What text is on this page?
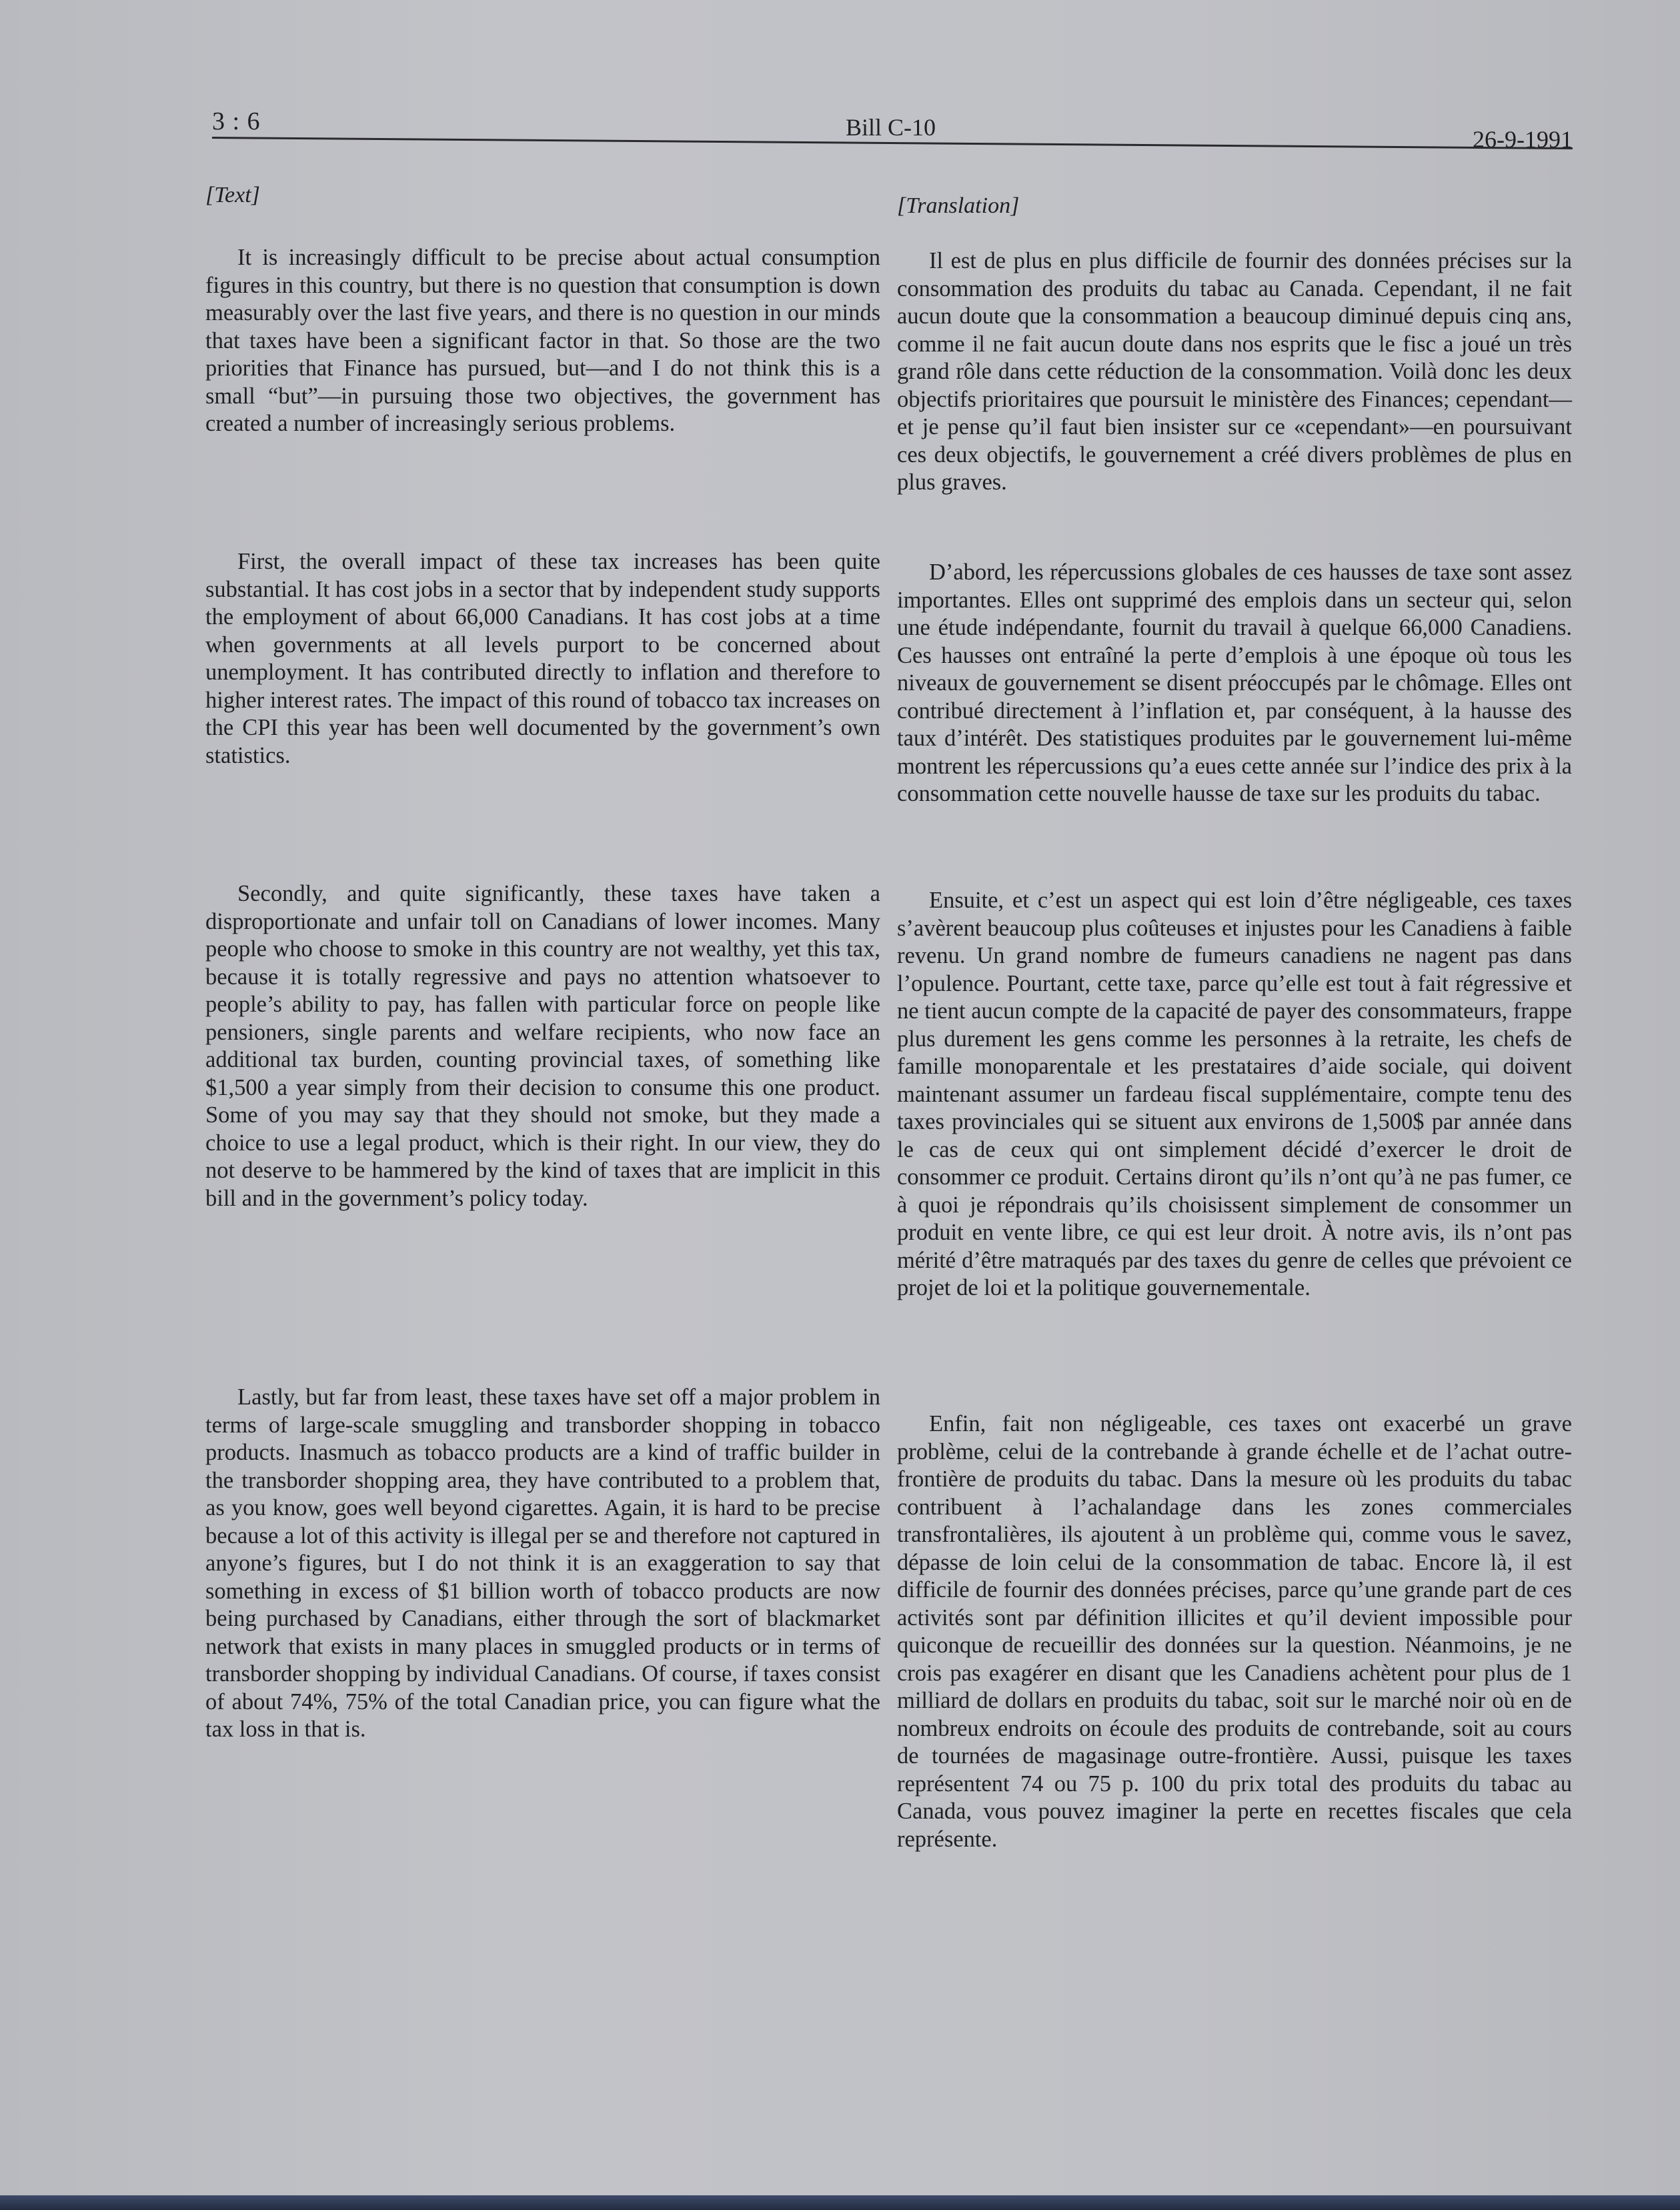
3 : 6	Bill C-10	26-9-1991
[Text]

It is increasingly difficult to be precise about actual consumption figures in this country, but there is no question that consumption is down measurably over the last five years, and there is no question in our minds that taxes have been a significant factor in that. So those are the two priorities that Finance has pursued, but—and I do not think this is a small “but”—in pursuing those two objectives, the government has created a number of increasingly serious problems.

First, the overall impact of these tax increases has been quite substantial. It has cost jobs in a sector that by independent study supports the employment of about 66,000 Canadians. It has cost jobs at a time when governments at all levels purport to be concerned about unemployment. It has contributed directly to inflation and therefore to higher interest rates. The impact of this round of tobacco tax increases on the CPI this year has been well documented by the government’s own statistics.

Secondly, and quite significantly, these taxes have taken a disproportionate and unfair toll on Canadians of lower incomes. Many people who choose to smoke in this country are not wealthy, yet this tax, because it is totally regressive and pays no attention whatsoever to people’s ability to pay, has fallen with particular force on people like pensioners, single parents and welfare recipients, who now face an additional tax burden, counting provincial taxes, of something like $1,500 a year simply from their decision to consume this one product. Some of you may say that they should not smoke, but they made a choice to use a legal product, which is their right. In our view, they do not deserve to be hammered by the kind of taxes that are implicit in this bill and in the government’s policy today.

Lastly, but far from least, these taxes have set off a major problem in terms of large-scale smuggling and transborder shopping in tobacco products. Inasmuch as tobacco products are a kind of traffic builder in the transborder shopping area, they have contributed to a problem that, as you know, goes well beyond cigarettes. Again, it is hard to be precise because a lot of this activity is illegal per se and therefore not captured in anyone’s figures, but I do not think it is an exaggeration to say that something in excess of $1 billion worth of tobacco products are now being purchased by Canadians, either through the sort of blackmarket network that exists in many places in smuggled products or in terms of transborder shopping by individual Canadians. Of course, if taxes consist of about 74%, 75% of the total Canadian price, you can figure what the tax loss in that is.

[Translation]

Il est de plus en plus difficile de fournir des données précises sur la consommation des produits du tabac au Canada. Cependant, il ne fait aucun doute que la consommation a beaucoup diminué depuis cinq ans, comme il ne fait aucun doute dans nos esprits que le fisc a joué un très grand rôle dans cette réduction de la consommation. Voilà donc les deux objectifs prioritaires que poursuit le ministère des Finances; cependant—et je pense qu’il faut bien insister sur ce «cependant»—en poursuivant ces deux objectifs, le gouvernement a créé divers problèmes de plus en plus graves.

D’abord, les répercussions globales de ces hausses de taxe sont assez importantes. Elles ont supprimé des emplois dans un secteur qui, selon une étude indépendante, fournit du travail à quelque 66,000 Canadiens. Ces hausses ont entraîné la perte d’emplois à une époque où tous les niveaux de gouvernement se disent préoccupés par le chômage. Elles ont contribué directement à l’inflation et, par conséquent, à la hausse des taux d’intérêt. Des statistiques produites par le gouvernement lui-même montrent les répercussions qu’a eues cette année sur l’indice des prix à la consommation cette nouvelle hausse de taxe sur les produits du tabac.

Ensuite, et c’est un aspect qui est loin d’être négligeable, ces taxes s’avèrent beaucoup plus coûteuses et injustes pour les Canadiens à faible revenu. Un grand nombre de fumeurs canadiens ne nagent pas dans l’opulence. Pourtant, cette taxe, parce qu’elle est tout à fait régressive et ne tient aucun compte de la capacité de payer des consommateurs, frappe plus durement les gens comme les personnes à la retraite, les chefs de famille monoparentale et les prestataires d’aide sociale, qui doivent maintenant assumer un fardeau fiscal supplémentaire, compte tenu des taxes provinciales qui se situent aux environs de 1,500$ par année dans le cas de ceux qui ont simplement décidé d’exercer le droit de consommer ce produit. Certains diront qu’ils n’ont qu’à ne pas fumer, ce à quoi je répondrais qu’ils choisissent simplement de consommer un produit en vente libre, ce qui est leur droit. À notre avis, ils n’ont pas mérité d’être matraqués par des taxes du genre de celles que prévoient ce projet de loi et la politique gouvernementale.

Enfin, fait non négligeable, ces taxes ont exacerbé un grave problème, celui de la contrebande à grande échelle et de l’achat outre-frontière de produits du tabac. Dans la mesure où les produits du tabac contribuent à l’achalandage dans les zones commerciales transfrontalières, ils ajoutent à un problème qui, comme vous le savez, dépasse de loin celui de la consommation de tabac. Encore là, il est difficile de fournir des données précises, parce qu’une grande part de ces activités sont par définition illicites et qu’il devient impossible pour quiconque de recueillir des données sur la question. Néanmoins, je ne crois pas exagérer en disant que les Canadiens achètent pour plus de 1 milliard de dollars en produits du tabac, soit sur le marché noir où en de nombreux endroits on écoule des produits de contrebande, soit au cours de tournées de magasinage outre-frontière. Aussi, puisque les taxes représentent 74 ou 75 p. 100 du prix total des produits du tabac au Canada, vous pouvez imaginer la perte en recettes fiscales que cela représente.
